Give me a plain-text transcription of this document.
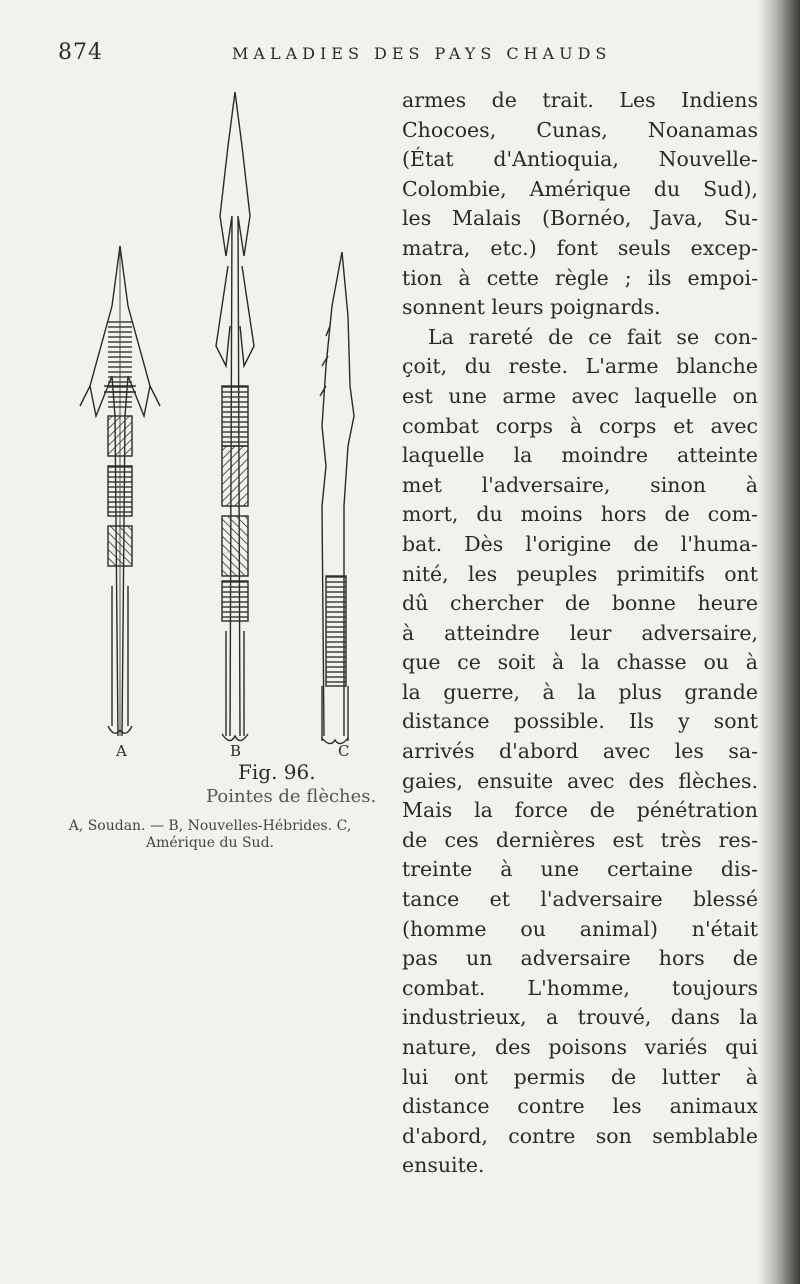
874	MALADIES DES PAYS CHAUDS
A	B	C
Fig. 96.
Pointes de flèches.
A, Soudan. — B, Nouvelles-Hébrides. C, Amérique du Sud.
armes de trait. Les Indiens
Chocoes, Cunas, Noanamas
(État d'Antioquia, Nouvelle-
Colombie, Amérique du Sud),
les Malais (Bornéo, Java, Su-
matra, etc.) font seuls excep-
tion à cette règle ; ils empoi-
sonnent leurs poignards.
La rareté de ce fait se con-
çoit, du reste. L'arme blanche
est une arme avec laquelle on
combat corps à corps et avec
laquelle la moindre atteinte
met l'adversaire, sinon à
mort, du moins hors de com-
bat. Dès l'origine de l'huma-
nité, les peuples primitifs ont
dû chercher de bonne heure
à atteindre leur adversaire,
que ce soit à la chasse ou à
la guerre, à la plus grande
distance possible. Ils y sont
arrivés d'abord avec les sa-
gaies, ensuite avec des flèches.
Mais la force de pénétration
de ces dernières est très res-
treinte à une certaine dis-
tance et l'adversaire blessé
(homme ou animal) n'était
pas un adversaire hors de
combat. L'homme, toujours
industrieux, a trouvé, dans la
nature, des poisons variés qui
lui ont permis de lutter à
distance contre les animaux
d'abord, contre son semblable
ensuite.
